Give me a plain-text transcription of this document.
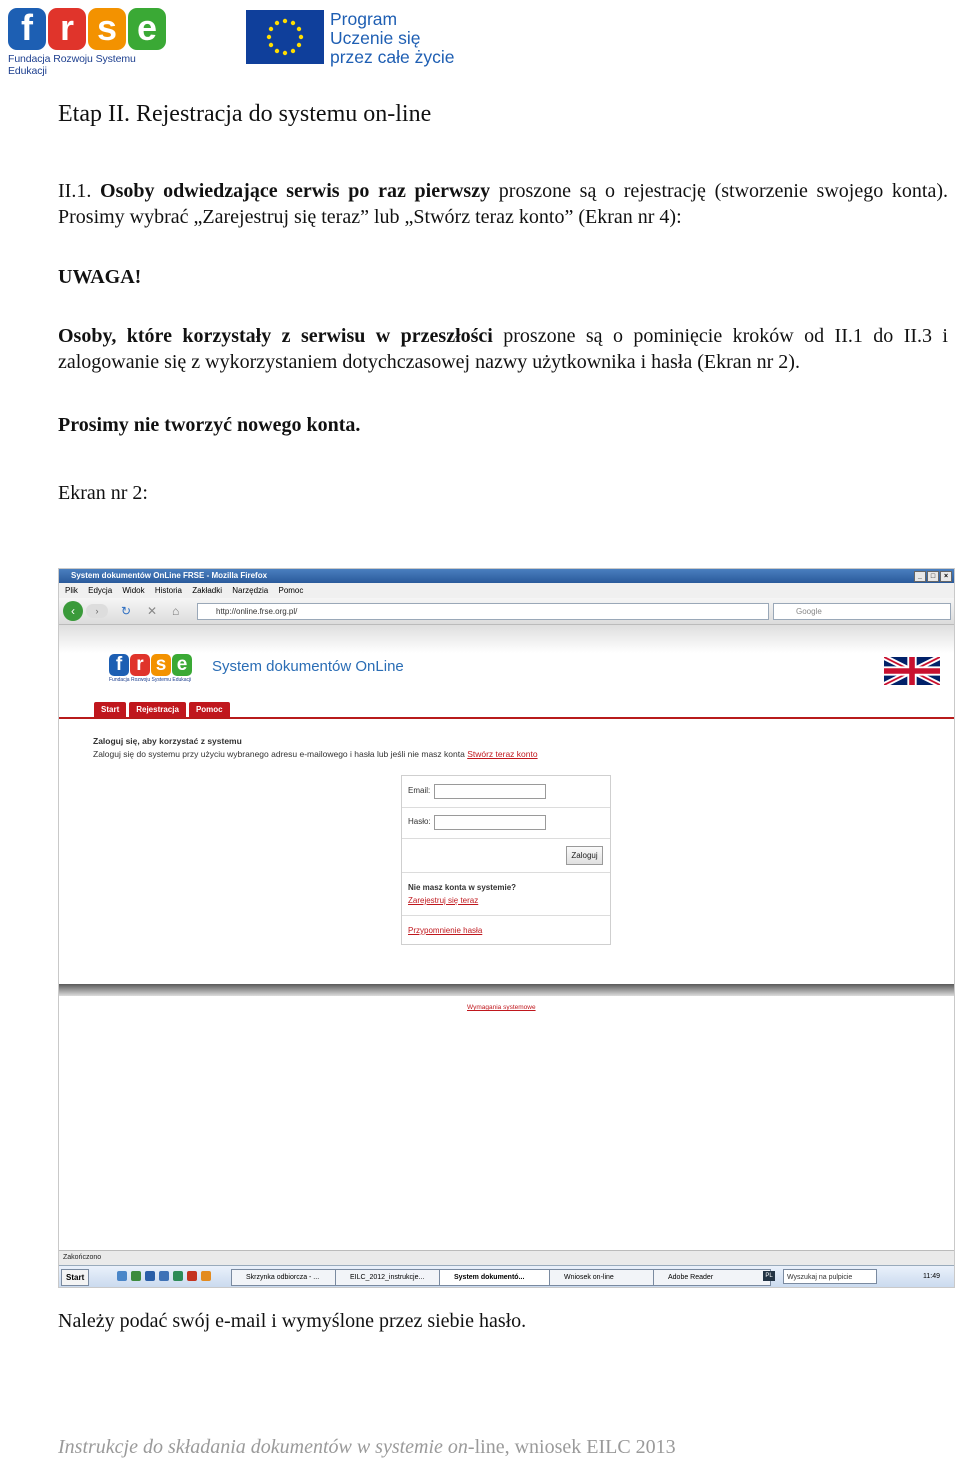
f r s e
Fundacja Rozwoju Systemu Edukacji
Program
Uczenie się
przez całe życie
Etap II. Rejestracja do systemu on-line
II.1. Osoby odwiedzające serwis po raz pierwszy proszone są o rejestrację (stworzenie swojego konta). Prosimy wybrać „Zarejestruj się teraz” lub „Stwórz teraz konto” (Ekran nr 4):
UWAGA!
Osoby, które korzystały z serwisu w przeszłości proszone są o pominięcie kroków od II.1 do II.3 i zalogowanie się z wykorzystaniem dotychczasowej nazwy użytkownika i hasła (Ekran nr 2).
Prosimy nie tworzyć nowego konta.
Ekran nr 2:
System dokumentów OnLine FRSE - Mozilla Firefox	_	□	×
Plik Edycja Widok Historia Zakładki Narzędzia Pomoc
‹	›	↻ ✕ ⌂	http://online.frse.org.pl/	Google
f r s e
Fundacja Rozwoju Systemu Edukacji
System dokumentów OnLine
Start	Rejestracja	Pomoc
Zaloguj się, aby korzystać z systemu
Zaloguj się do systemu przy użyciu wybranego adresu e-mailowego i hasła lub jeśli nie masz konta Stwórz teraz konto
Email:
Hasło:
Zaloguj
Nie masz konta w systemie?
Zarejestruj się teraz
Przypomnienie hasła
Wymagania systemowe
Zakończono
Start	Skrzynka odbiorcza - ...	EILC_2012_instrukcje...	System dokumentó...	Wniosek on-line	Adobe Reader	PL	Wyszukaj na pulpicie	11:49
Należy podać swój e-mail i wymyślone przez siebie hasło.
Instrukcje do składania dokumentów w systemie on-line, wniosek EILC 2013
